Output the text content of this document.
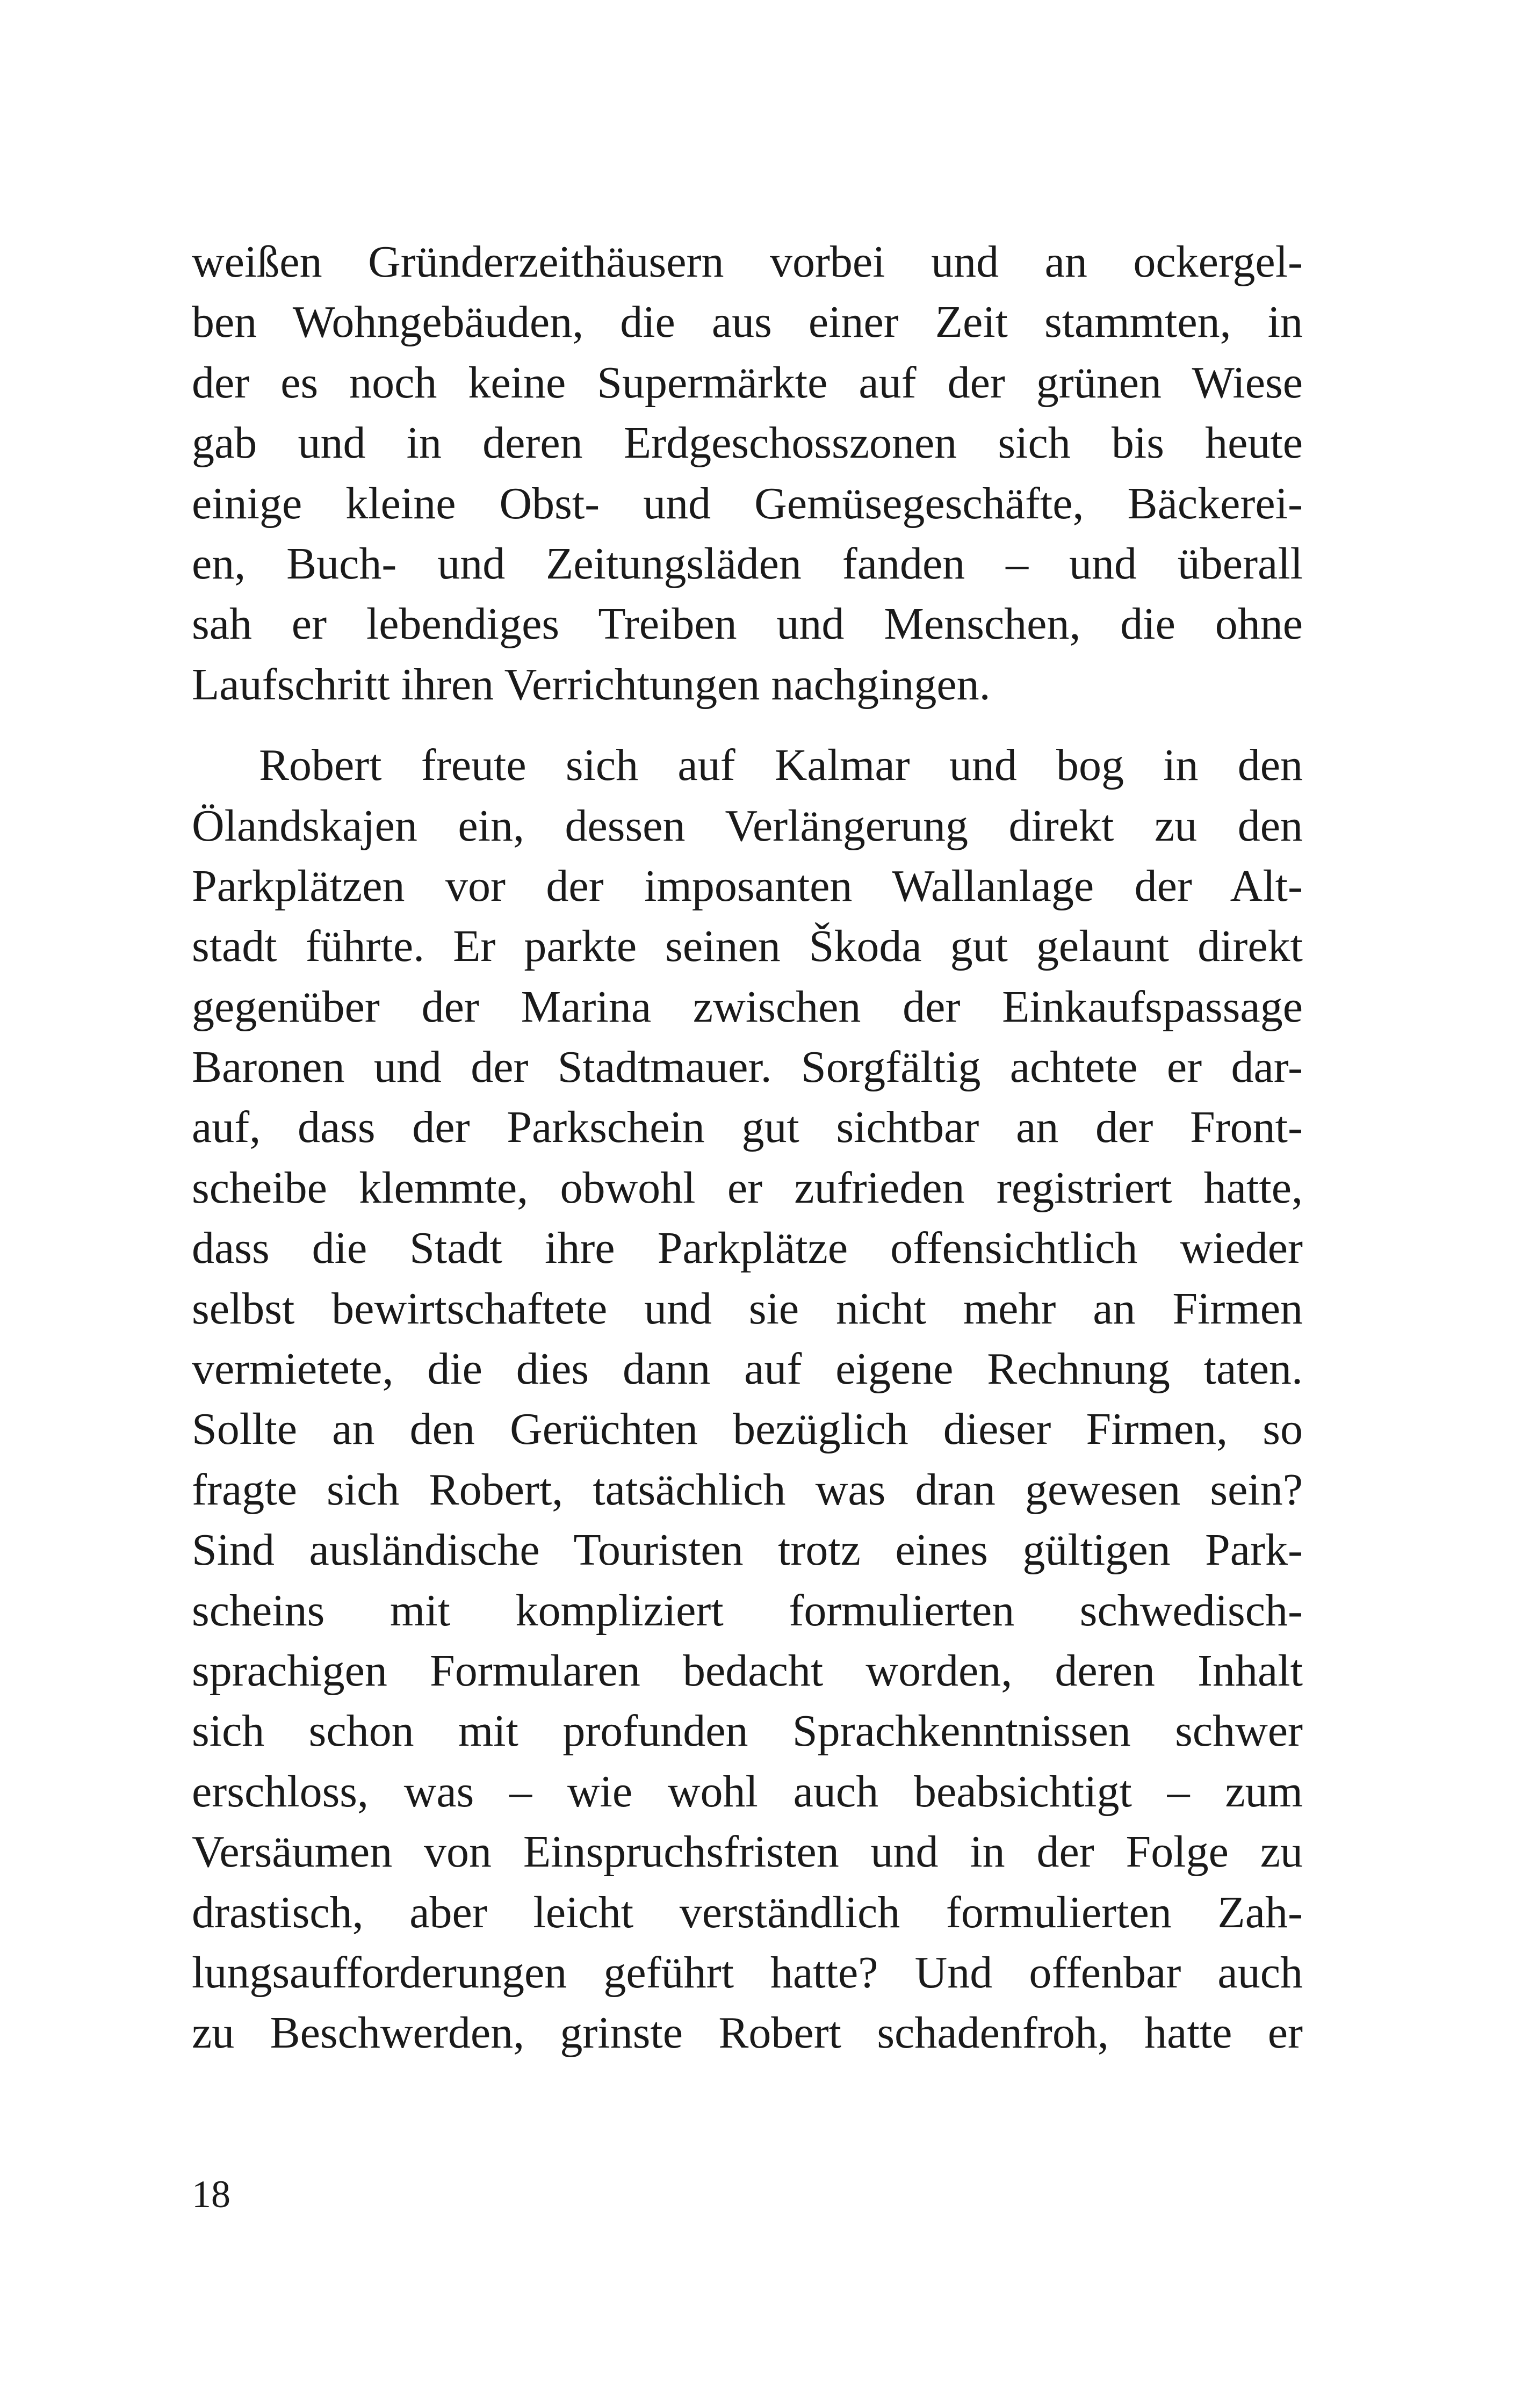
weißen Gründerzeithäusern vorbei und an ockergel-
ben Wohngebäuden, die aus einer Zeit stammten, in
der es noch keine Supermärkte auf der grünen Wiese
gab und in deren Erdgeschosszonen sich bis heute
einige kleine Obst- und Gemüsegeschäfte, Bäckerei-
en, Buch- und Zeitungsläden fanden – und überall
sah er lebendiges Treiben und Menschen, die ohne
Laufschritt ihren Verrichtungen nachgingen.
Robert freute sich auf Kalmar und bog in den
Ölandskajen ein, dessen Verlängerung direkt zu den
Parkplätzen vor der imposanten Wallanlage der Alt-
stadt führte. Er parkte seinen Škoda gut gelaunt direkt
gegenüber der Marina zwischen der Einkaufspassage
Baronen und der Stadtmauer. Sorgfältig achtete er dar-
auf, dass der Parkschein gut sichtbar an der Front-
scheibe klemmte, obwohl er zufrieden registriert hatte,
dass die Stadt ihre Parkplätze offensichtlich wieder
selbst bewirtschaftete und sie nicht mehr an Firmen
vermietete, die dies dann auf eigene Rechnung taten.
Sollte an den Gerüchten bezüglich dieser Firmen, so
fragte sich Robert, tatsächlich was dran gewesen sein?
Sind ausländische Touristen trotz eines gültigen Park-
scheins mit kompliziert formulierten schwedisch-
sprachigen Formularen bedacht worden, deren Inhalt
sich schon mit profunden Sprachkenntnissen schwer
erschloss, was – wie wohl auch beabsichtigt – zum
Versäumen von Einspruchsfristen und in der Folge zu
drastisch, aber leicht verständlich formulierten Zah-
lungsaufforderungen geführt hatte? Und offenbar auch
zu Beschwerden, grinste Robert schadenfroh, hatte er
18
